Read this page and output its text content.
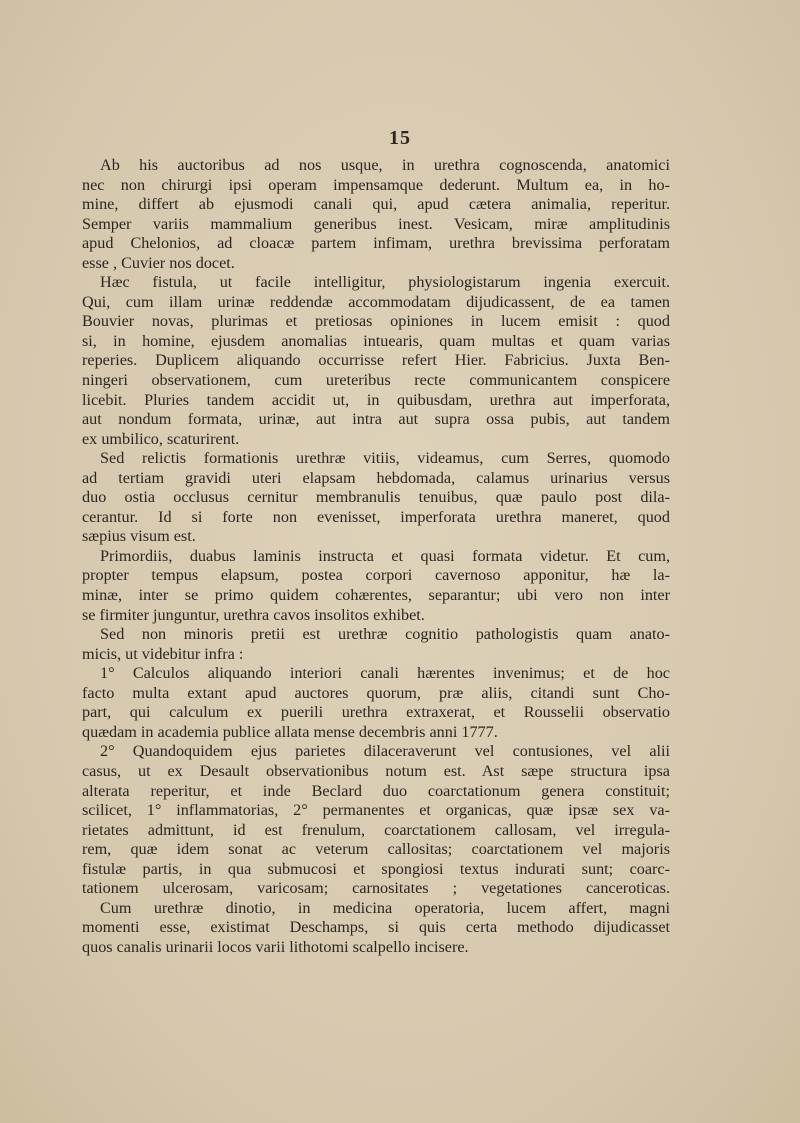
15
Ab his auctoribus ad nos usque, in urethra cognoscenda, anatomici
nec non chirurgi ipsi operam impensamque dederunt. Multum ea, in ho-
mine, differt ab ejusmodi canali qui, apud cætera animalia, reperitur.
Semper variis mammalium generibus inest. Vesicam, miræ amplitudinis
apud Chelonios, ad cloacæ partem infimam, urethra brevissima perforatam
esse , Cuvier nos docet.
Hæc fistula, ut facile intelligitur, physiologistarum ingenia exercuit.
Qui, cum illam urinæ reddendæ accommodatam dijudicassent, de ea tamen
Bouvier novas, plurimas et pretiosas opiniones in lucem emisit : quod
si, in homine, ejusdem anomalias intuearis, quam multas et quam varias
reperies. Duplicem aliquando occurrisse refert Hier. Fabricius. Juxta Ben-
ningeri observationem, cum ureteribus recte communicantem conspicere
licebit. Pluries tandem accidit ut, in quibusdam, urethra aut imperforata,
aut nondum formata, urinæ, aut intra aut supra ossa pubis, aut tandem
ex umbilico, scaturirent.
Sed relictis formationis urethræ vitiis, videamus, cum Serres, quomodo
ad tertiam gravidi uteri elapsam hebdomada, calamus urinarius versus
duo ostia occlusus cernitur membranulis tenuibus, quæ paulo post dila-
cerantur. Id si forte non evenisset, imperforata urethra maneret, quod
sæpius visum est.
Primordiis, duabus laminis instructa et quasi formata videtur. Et cum,
propter tempus elapsum, postea corpori cavernoso apponitur, hæ la-
minæ, inter se primo quidem cohærentes, separantur; ubi vero non inter
se firmiter junguntur, urethra cavos insolitos exhibet.
Sed non minoris pretii est urethræ cognitio pathologistis quam anato-
micis, ut videbitur infra :
1° Calculos aliquando interiori canali hærentes invenimus; et de hoc
facto multa extant apud auctores quorum, præ aliis, citandi sunt Cho-
part, qui calculum ex puerili urethra extraxerat, et Rousselii observatio
quædam in academia publice allata mense decembris anni 1777.
2° Quandoquidem ejus parietes dilaceraverunt vel contusiones, vel alii
casus, ut ex Desault observationibus notum est. Ast sæpe structura ipsa
alterata reperitur, et inde Beclard duo coarctationum genera constituit;
scilicet, 1° inflammatorias, 2° permanentes et organicas, quæ ipsæ sex va-
rietates admittunt, id est frenulum, coarctationem callosam, vel irregula-
rem, quæ idem sonat ac veterum callositas; coarctationem vel majoris
fistulæ partis, in qua submucosi et spongiosi textus indurati sunt; coarc-
tationem ulcerosam, varicosam; carnositates ; vegetationes canceroticas.
Cum urethræ dinotio, in medicina operatoria, lucem affert, magni
momenti esse, existimat Deschamps, si quis certa methodo dijudicasset
quos canalis urinarii locos varii lithotomi scalpello incisere.
